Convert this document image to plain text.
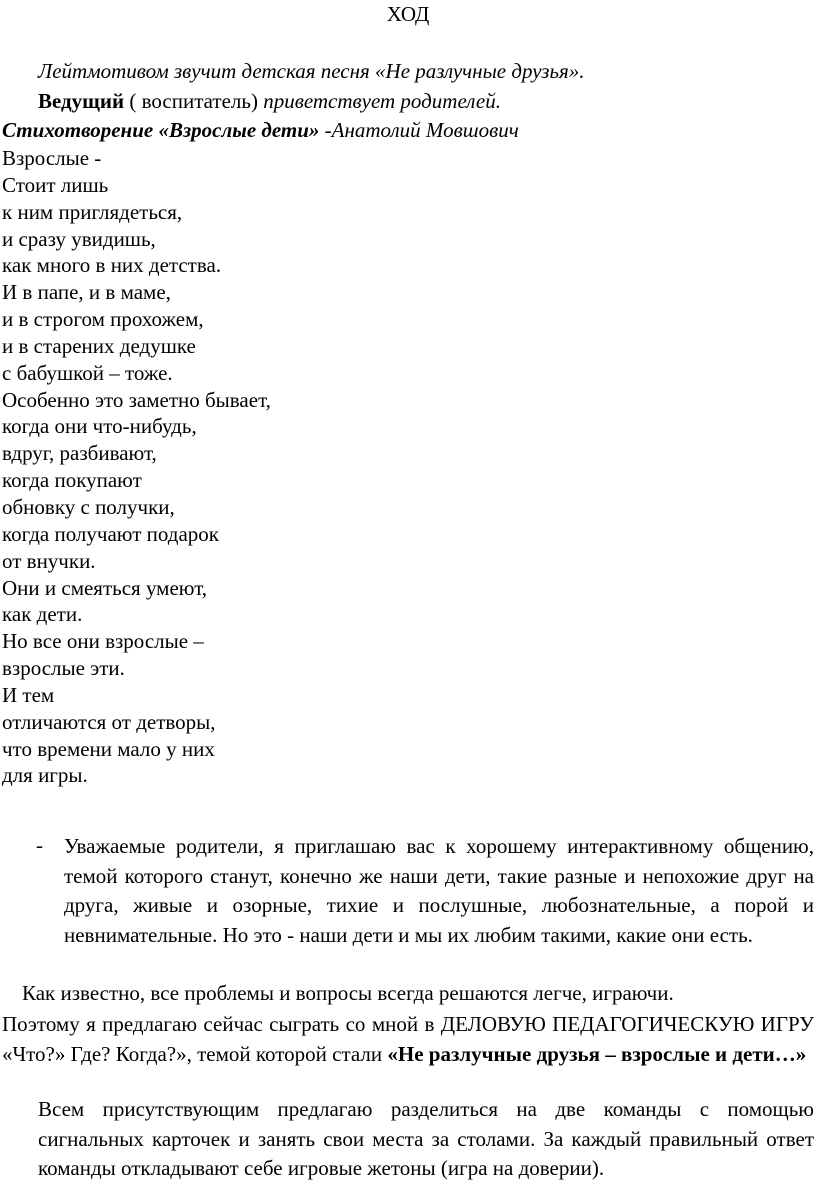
ХОД
Лейтмотивом звучит детская песня «Не разлучные друзья».
Ведущий ( воспитатель) приветствует родителей.
Стихотворение «Взрослые дети» -Анатолий Мовшович
Взрослые -
Стоит лишь
к ним приглядеться,
и сразу увидишь,
как много в них детства.
И в папе, и в маме,
и в строгом прохожем,
и в старених дедушке
с бабушкой – тоже.
Особенно это заметно бывает,
когда они что-нибудь,
вдруг, разбивают,
когда покупают
обновку с получки,
когда получают подарок
от внучки.
Они и смеяться умеют,
как дети.
Но все они взрослые –
взрослые эти.
И тем
отличаются от детворы,
что времени мало у них
для игры.
- Уважаемые родители, я приглашаю вас к хорошему интерактивному общению, темой которого станут, конечно же наши дети, такие разные и непохожие друг на друга, живые и озорные, тихие и послушные, любознательные, а порой и невнимательные. Но это - наши дети и мы их любим такими, какие они есть.
Как известно, все проблемы и вопросы всегда решаются легче, играючи.
Поэтому я предлагаю сейчас сыграть со мной в ДЕЛОВУЮ ПЕДАГОГИЧЕСКУЮ ИГРУ «Что?» Где? Когда?», темой которой стали «Не разлучные друзья – взрослые и дети…»
Всем присутствующим предлагаю разделиться на две команды с помощью сигнальных карточек и занять свои места за столами. За каждый правильный ответ команды откладывают себе игровые жетоны (игра на доверии).
